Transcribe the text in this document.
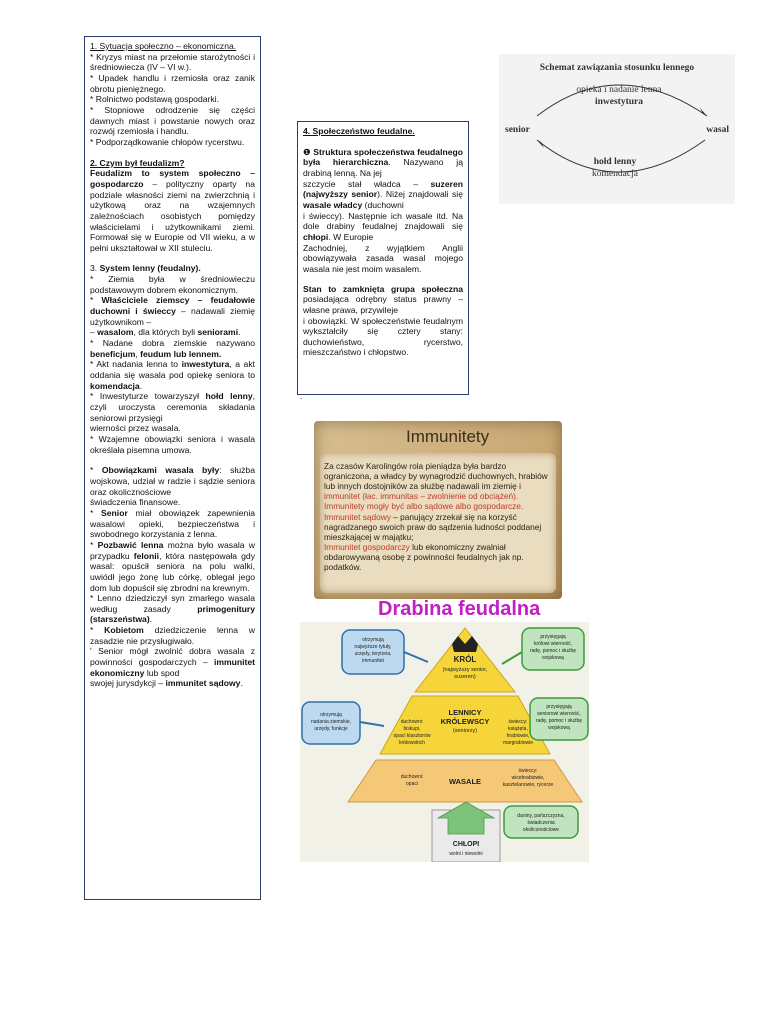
1. Sytuacja społeczno – ekonomiczna.

* Kryzys miast na przełomie starożytności i średniowiecza (IV – VI w.).

* Upadek handlu i rzemiosła oraz zanik obrotu pieniężnego.

* Rolnictwo podstawą gospodarki.

* Stopniowe odrodzenie się części dawnych miast i powstanie nowych oraz rozwój rzemiosła i handlu.

* Podporządkowanie chłopów rycerstwu.

2. Czym był feudalizm?

Feudalizm to system społeczno – gospodarczo – polityczny oparty na podziale własności ziemi na zwierzchnią i użytkową oraz na wzajemnych zależnościach osobistych pomiędzy właścicielami i użytkownikami ziemi. Formował się w Europie od VII wieku, a w pełni ukształtował w XII stuleciu.

3. System lenny (feudalny).

* Ziemia była w średniowieczu podstawowym dobrem ekonomicznym.

* Właściciele ziemscy – feudałowie duchowni i świeccy – nadawali ziemię użytkownikom –
– wasalom, dla których byli seniorami.

* Nadane dobra ziemskie nazywano beneficjum, feudum lub lennem.

* Akt nadania lenna to inwestytura, a akt oddania się wasala pod opiekę seniora to komendacja.

* Inwestyturze towarzyszył hołd lenny, czyli uroczysta ceremonia składania seniorowi przysięgi
wierności przez wasala.

* Wzajemne obowiązki seniora i wasala określała pisemna umowa.

* Obowiązkami wasala były: służba wojskowa, udział w radzie i sądzie seniora oraz okolicznościowe
świadczenia finansowe.

* Senior miał obowiązek zapewnienia wasalowi opieki, bezpieczeństwa i swobodnego korzystania z lenna.

* Pozbawić lenna można było wasala w przypadku felonii, która następowała gdy wasal: opuścił seniora na polu walki, uwiódł jego żonę lub córkę, oblegał jego dom lub dopuścił się zbrodni na krewnym.

* Lenno dziedziczył syn zmarłego wasala według zasady primogenitury (starszeństwa).

* Kobietom dziedziczenie lenna w zasadzie nie przysługiwało.

' Senior mógł zwolnić dobra wasala z powinności gospodarczych – immunitet ekonomiczny lub spod
swojej jurysdykcji – immunitet sądowy.

4. Społeczeństwo feudalne.

❶ Struktura społeczeństwa feudalnego była hierarchiczna. Nazywano ją drabiną lenną. Na jej
szczycie stał władca – suzeren (najwyższy senior). Niżej znajdowali się wasale władcy (duchowni
i świeccy). Następnie ich wasale itd. Na dole drabiny feudalnej znajdowali się chłopi. W Europie
Zachodniej, z wyjątkiem Anglii obowiązywała zasada wasal mojego wasala nie jest moim wasalem.

Stan to zamknięta grupa społeczna posiadająca odrębny status prawny – własne prawa, przywileje
i obowiązki. W społeczeństwie feudalnym wykształciły się cztery stany: duchowieństwo, rycerstwo, mieszczaństwo i chłopstwo.

.
Schemat zawiązania stosunku lennego
opieka i nadanie lenna
inwestytura
senior	wasal
hołd lenny
komendacja
Immunitety
Za czasów Karolingów rola pieniądza była bardzo ograniczona, a władcy by wynagrodzić duchownych, hrabiów lub innych dostojników za służbę nadawali im ziemię i immunitet (łac. immunitas – zwolnienie od obciążeń). Immunitety mogły być albo sądowe albo gospodarcze.
Immunitet sądowy – panujący zrzekał się na korzyść nagradzanego swoich praw do sądzenia ludności poddanej mieszkającej w majątku;
Immunitet gospodarczy lub ekonomiczny zwalniał obdarowywaną osobę z powinności feudalnych jak np. podatków.
Drabina feudalna
KRÓL
(najwyższy senior,
suzeren)
LENNICY
KRÓLEWSCY
(seniorzy)
duchowni:
biskupi,
opaci klasztorów
królewskich
świeccy:
książęta,
hrabiowie,
margrabiowie
WASALE
duchowni:
opaci
świeccy:
wicehrabiowie,
kasztelanowie, rycerze
CHŁOPI
wolni i niewolni
otrzymują
najwyższe tytuły,
urzędy, terytoria,
immunitet
przysięgają
królowi wierność,
radę, pomoc i służbę
wojskową
otrzymują
nadania ziemskie,
urzędy, funkcje
przysięgają
seniorowi wierność,
radę, pomoc i służbę
wojskową
daniny, pańszczyzna,
świadczenia
okolicznościowe
